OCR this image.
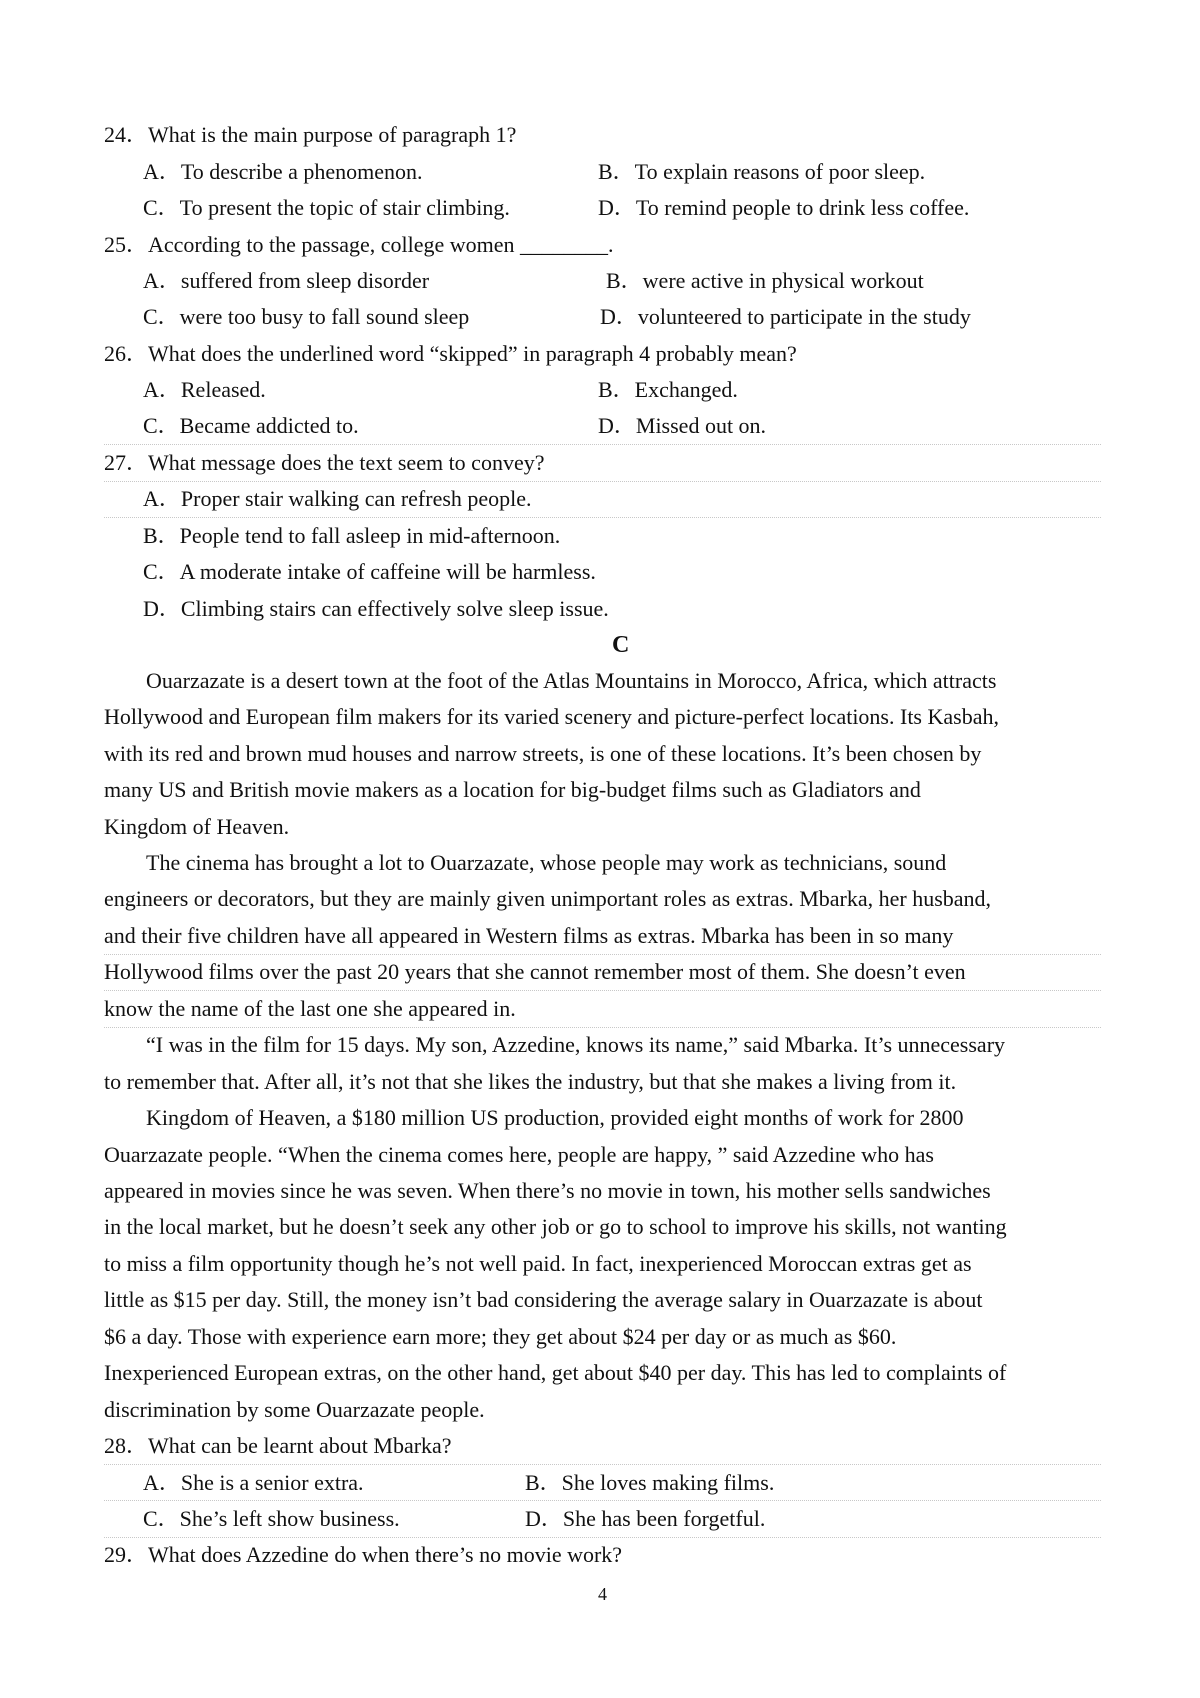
24．What is the main purpose of paragraph 1?
A．To describe a phenomenon.	B．To explain reasons of poor sleep.
C．To present the topic of stair climbing.	D．To remind people to drink less coffee.
25．According to the passage, college women ________.
A．suffered from sleep disorder	B．were active in physical workout
C．were too busy to fall sound sleep	D．volunteered to participate in the study
26．What does the underlined word “skipped” in paragraph 4 probably mean?
A．Released.	B．Exchanged.
C．Became addicted to.	D．Missed out on.
27．What message does the text seem to convey?
A．Proper stair walking can refresh people.
B．People tend to fall asleep in mid-afternoon.
C．A moderate intake of caffeine will be harmless.
D．Climbing stairs can effectively solve sleep issue.
C
Ouarzazate is a desert town at the foot of the Atlas Mountains in Morocco, Africa, which attracts
Hollywood and European film makers for its varied scenery and picture-perfect locations. Its Kasbah,
with its red and brown mud houses and narrow streets, is one of these locations. It’s been chosen by
many US and British movie makers as a location for big-budget films such as Gladiators and
Kingdom of Heaven.
The cinema has brought a lot to Ouarzazate, whose people may work as technicians, sound
engineers or decorators, but they are mainly given unimportant roles as extras. Mbarka, her husband,
and their five children have all appeared in Western films as extras. Mbarka has been in so many
Hollywood films over the past 20 years that she cannot remember most of them. She doesn’t even
know the name of the last one she appeared in.
“I was in the film for 15 days. My son, Azzedine, knows its name,” said Mbarka. It’s unnecessary
to remember that. After all, it’s not that she likes the industry, but that she makes a living from it.
Kingdom of Heaven, a $180 million US production, provided eight months of work for 2800
Ouarzazate people. “When the cinema comes here, people are happy, ” said Azzedine who has
appeared in movies since he was seven. When there’s no movie in town, his mother sells sandwiches
in the local market, but he doesn’t seek any other job or go to school to improve his skills, not wanting
to miss a film opportunity though he’s not well paid. In fact, inexperienced Moroccan extras get as
little as $15 per day. Still, the money isn’t bad considering the average salary in Ouarzazate is about
$6 a day. Those with experience earn more; they get about $24 per day or as much as $60.
Inexperienced European extras, on the other hand, get about $40 per day. This has led to complaints of
discrimination by some Ouarzazate people.
28．What can be learnt about Mbarka?
A．She is a senior extra.	B．She loves making films.
C．She’s left show business.	D．She has been forgetful.
29．What does Azzedine do when there’s no movie work?
4
